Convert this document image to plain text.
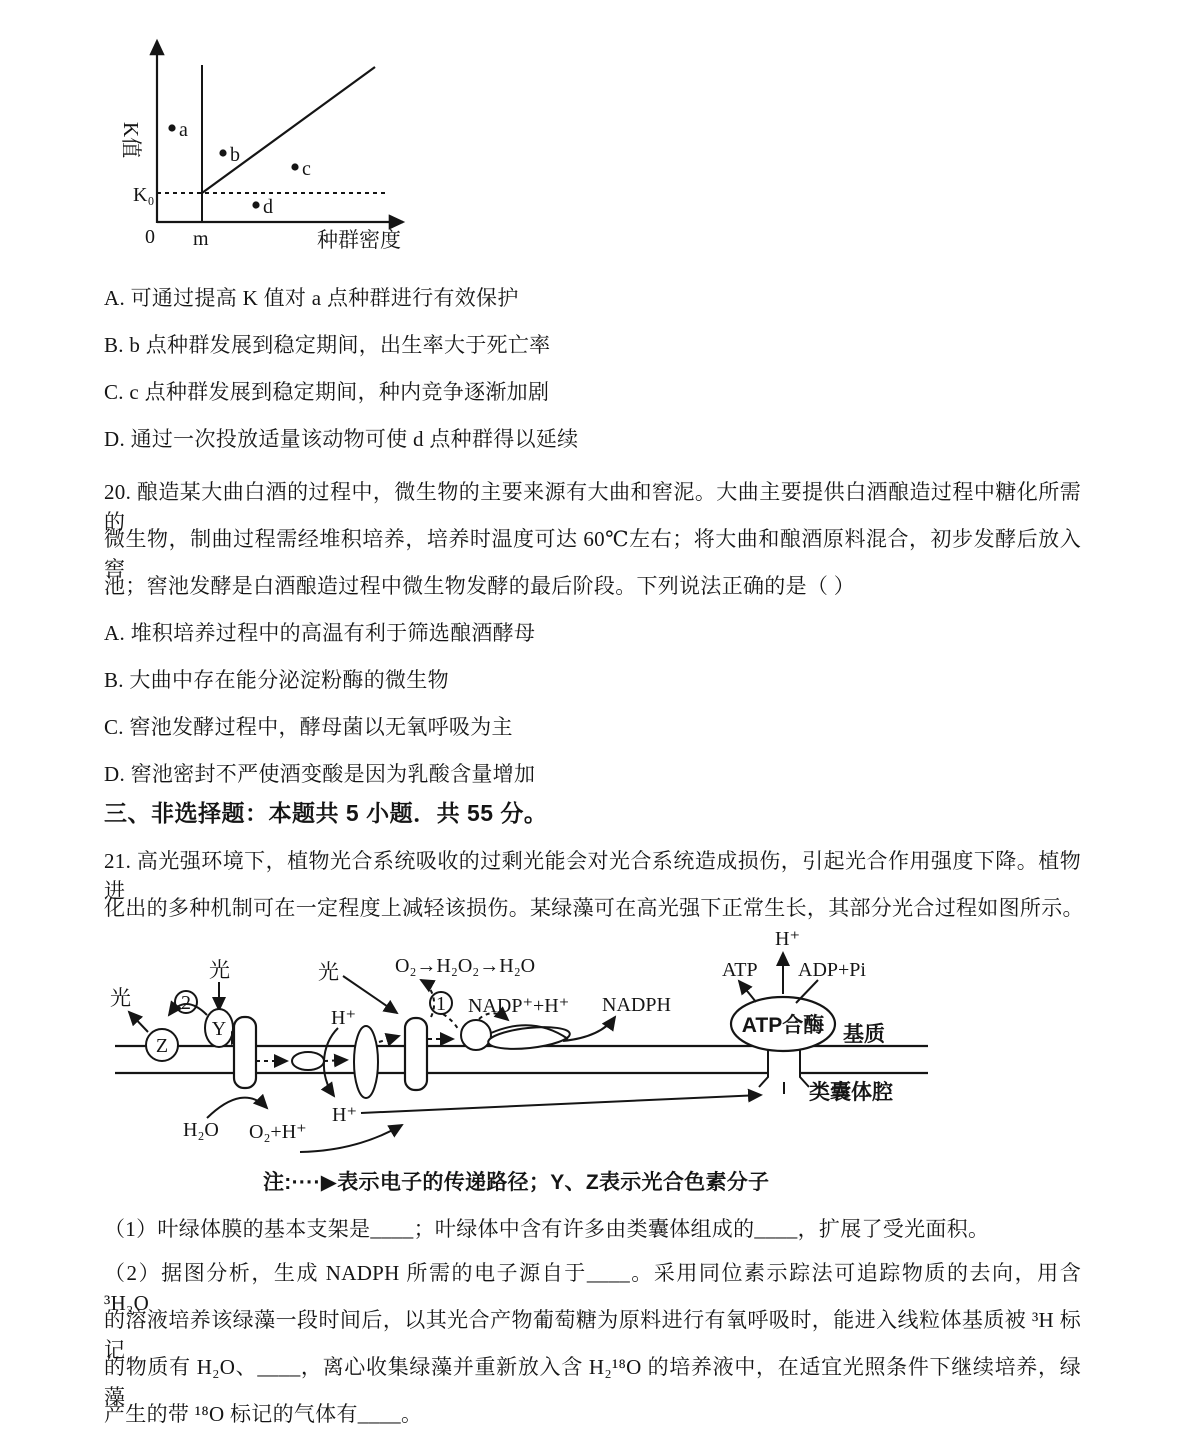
a
b
c
d
K值
K₀
0 m	种群密度
A. 可通过提高 K 值对 a 点种群进行有效保护
B. b 点种群发展到稳定期间，出生率大于死亡率
C. c 点种群发展到稳定期间，种内竞争逐渐加剧
D. 通过一次投放适量该动物可使 d 点种群得以延续
20. 酿造某大曲白酒的过程中，微生物的主要来源有大曲和窖泥。大曲主要提供白酒酿造过程中糖化所需的
微生物，制曲过程需经堆积培养，培养时温度可达 60℃左右；将大曲和酿酒原料混合，初步发酵后放入窖
池；窖池发酵是白酒酿造过程中微生物发酵的最后阶段。下列说法正确的是（ ）
A. 堆积培养过程中的高温有利于筛选酿酒酵母
B. 大曲中存在能分泌淀粉酶的微生物
C. 窖池发酵过程中，酵母菌以无氧呼吸为主
D. 窖池密封不严使酒变酸是因为乳酸含量增加
三、非选择题：本题共 5 小题．共 55 分。
21. 高光强环境下，植物光合系统吸收的过剩光能会对光合系统造成损伤，引起光合作用强度下降。植物进
化出的多种机制可在一定程度上减轻该损伤。某绿藻可在高光强下正常生长，其部分光合过程如图所示。
2
Z
Y
1
ATP合酶
光
光	光
H⁺
H⁺
O₂→H₂O₂→H₂O
NADP⁺+H⁺ NADPH
ATP ADP+Pi
H⁺
基质
类囊体腔
H₂O O₂+H⁺
注:····▶表示电子的传递路径；Y、Z表示光合色素分子
（1）叶绿体膜的基本支架是____；叶绿体中含有许多由类囊体组成的____，扩展了受光面积。
（2）据图分析，生成 NADPH 所需的电子源自于____。采用同位素示踪法可追踪物质的去向，用含 ³H₂O
的溶液培养该绿藻一段时间后，以其光合产物葡萄糖为原料进行有氧呼吸时，能进入线粒体基质被 ³H 标记
的物质有 H₂O、____，离心收集绿藻并重新放入含 H₂¹⁸O 的培养液中，在适宜光照条件下继续培养，绿藻
产生的带 ¹⁸O 标记的气体有____。
